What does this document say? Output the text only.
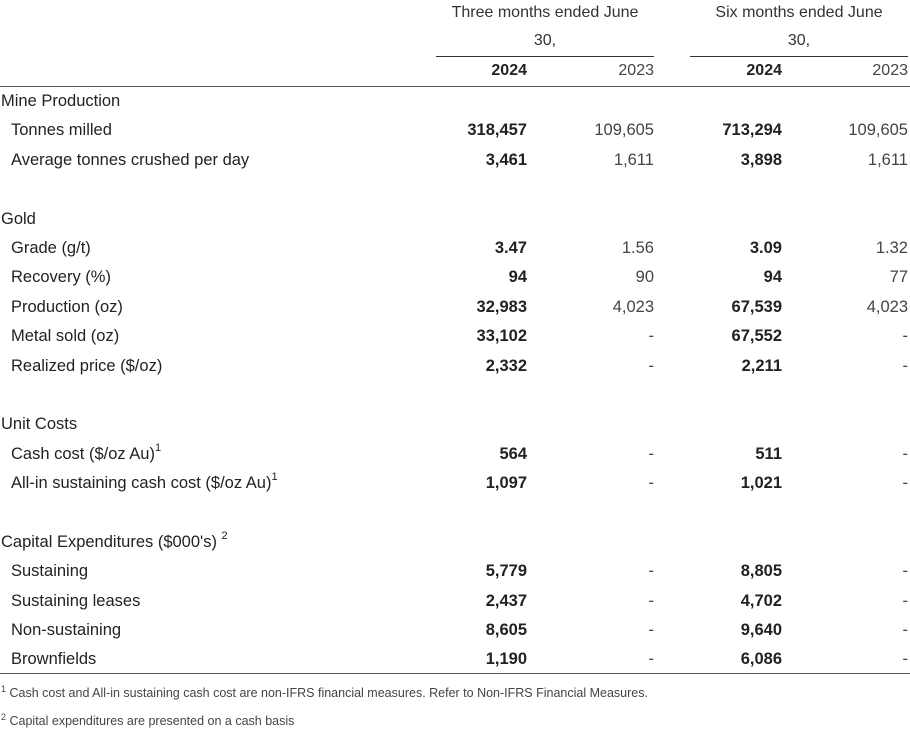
Three months ended June
30,
Six months ended June
30,
2024	2023	2024	2023
Mine Production
Tonnes milled	318,457	109,605	713,294	109,605
Average tonnes crushed per day	3,461	1,611	3,898	1,611
Gold
Grade (g/t)	3.47	1.56	3.09	1.32
Recovery (%)	94	90	94	77
Production (oz)	32,983	4,023	67,539	4,023
Metal sold (oz)	33,102	-	67,552	-
Realized price ($/oz)	2,332	-	2,211	-
Unit Costs
Cash cost ($/oz Au)$^1$	564	-	511	-
All-in sustaining cash cost ($/oz Au)$^1$	1,097	-	1,021	-
Capital Expenditures ($000's) $^2$
Sustaining	5,779	-	8,805	-
Sustaining leases	2,437	-	4,702	-
Non-sustaining	8,605	-	9,640	-
Brownfields	1,190	-	6,086	-
$^1$ Cash cost and All-in sustaining cash cost are non-IFRS financial measures. Refer to Non-IFRS Financial Measures.
$^2$ Capital expenditures are presented on a cash basis
